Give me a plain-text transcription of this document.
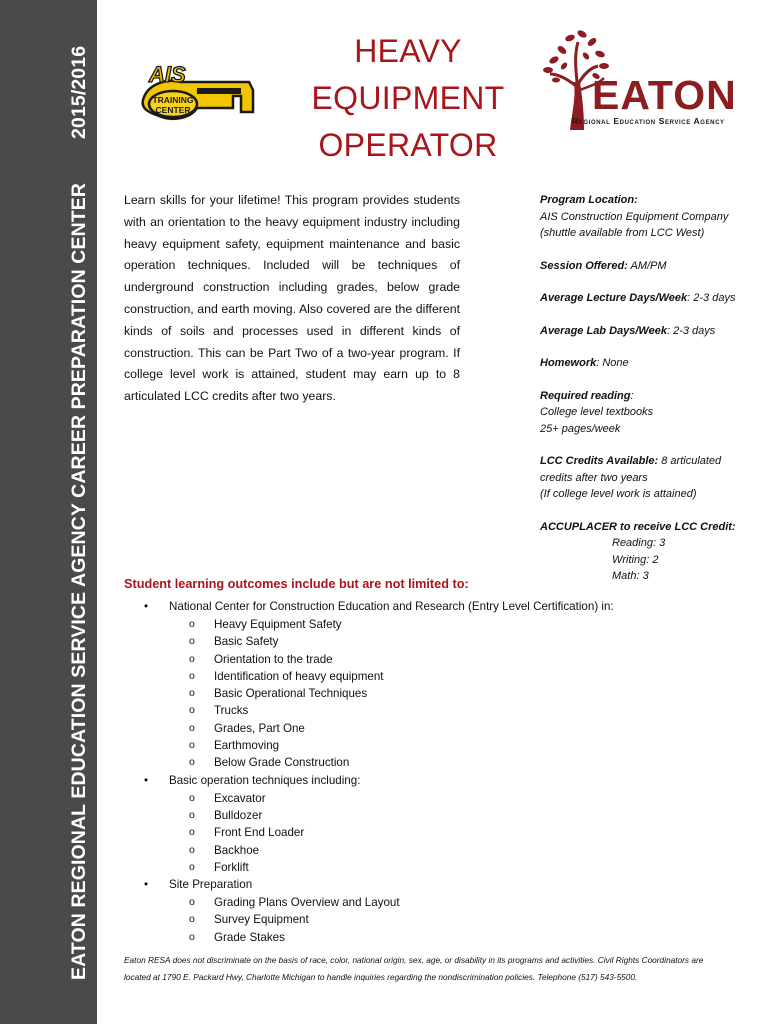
EATON REGIONAL EDUCATION SERVICE AGENCY CAREER PREPARATION CENTER
2015/2016	AIS
TRAINING
CENTER
HEAVY
EQUIPMENT
OPERATOR
EATON
Regional Education Service Agency
Learn skills for your lifetime! This program provides students with an orientation to the heavy equipment industry including heavy equipment safety, equipment maintenance and basic operation techniques. Included will be techniques of underground construction including grades, below grade construction, and earth moving. Also covered are the different kinds of soils and processes used in different kinds of construction. This can be Part Two of a two-year program. If college level work is attained, student may earn up to 8 articulated LCC credits after two years.
Program Location:
AIS Construction Equipment Company
(shuttle available from LCC West)
Session Offered: AM/PM
Average Lecture Days/Week: 2-3 days
Average Lab Days/Week: 2-3 days
Homework: None
Required reading:
College level textbooks
25+ pages/week
LCC Credits Available: 8 articulated
credits after two years
(If college level work is attained)
ACCUPLACER to receive LCC Credit:
Reading: 3
Writing: 2
Math: 3
Student learning outcomes include but are not limited to:
• National Center for Construction Education and Research (Entry Level Certification) in:
o Heavy Equipment Safety
o Basic Safety
o Orientation to the trade
o Identification of heavy equipment
o Basic Operational Techniques
o Trucks
o Grades, Part One
o Earthmoving
o Below Grade Construction
• Basic operation techniques including:
o Excavator
o Bulldozer
o Front End Loader
o Backhoe
o Forklift
• Site Preparation
o Grading Plans Overview and Layout
o Survey Equipment
o Grade Stakes
Eaton RESA does not discriminate on the basis of race, color, national origin, sex, age, or disability in its programs and activities. Civil Rights Coordinators are located at 1790 E. Packard Hwy, Charlotte Michigan to handle inquiries regarding the nondiscrimination policies. Telephone (517) 543-5500.
